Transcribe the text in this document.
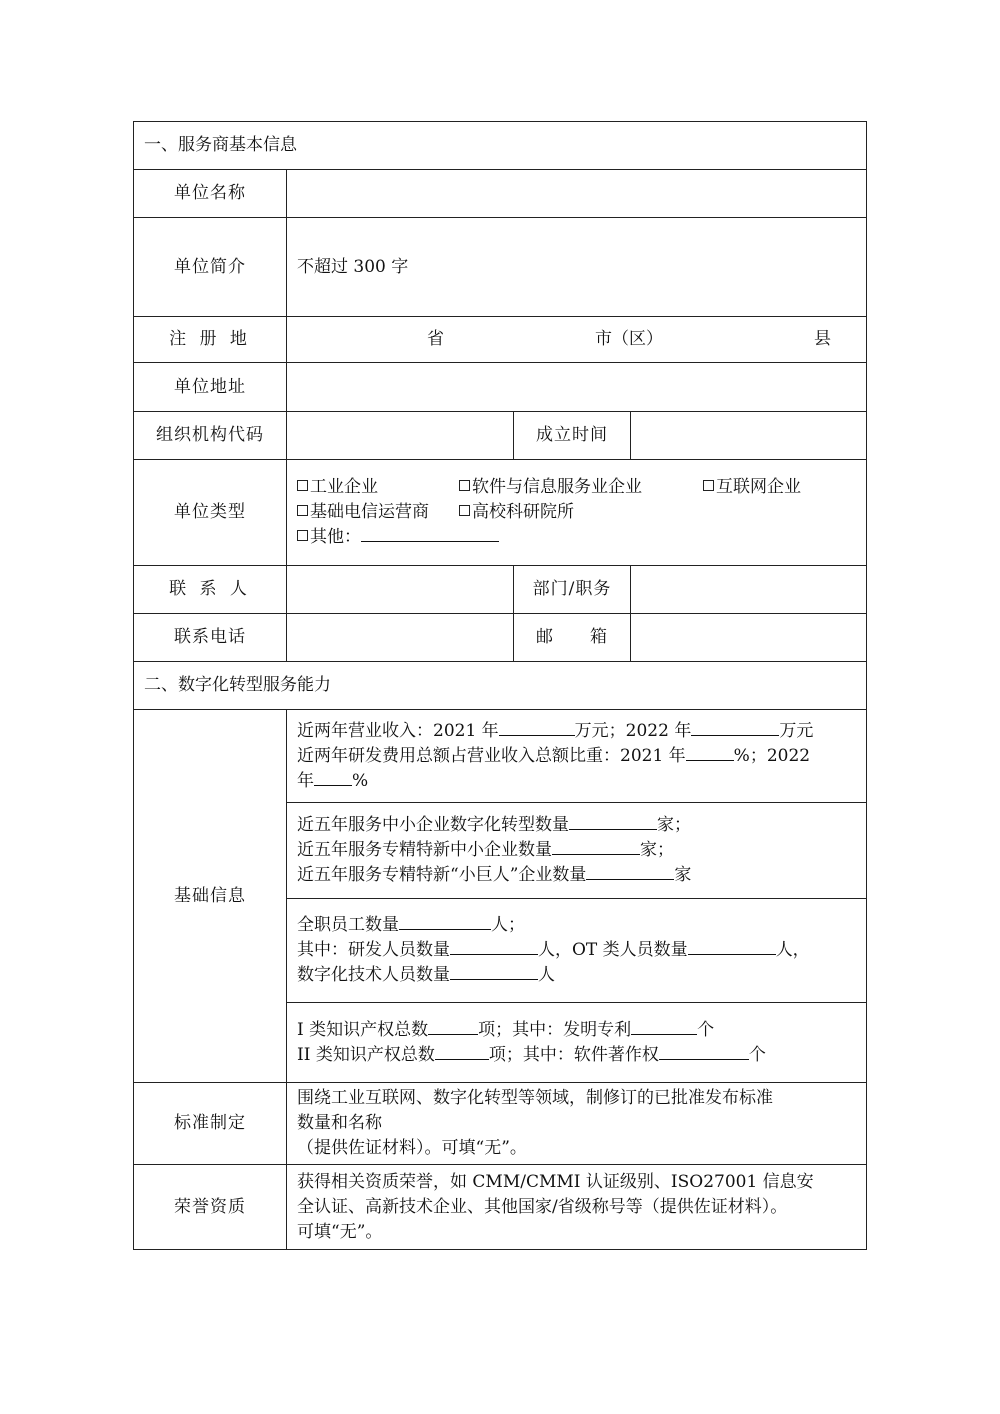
一、服务商基本信息			
单位名称			
单位简介	不超过 300 字		
注 册 地	省 市（区） 县		

单位地址			
组织机构代码		成立时间	
单位类型	工业企业 软件与信息服务业企业 互联网企业
基础电信运营商 高校科研院所
其他：		

联 系 人		部门/职务	
联系电话		邮　　箱	
二、数字化转型服务能力			
基础信息	近两年营业收入：2021 年 万元；2022 年 万元
近两年研发费用总额占营业收入总额比重：2021 年 %；2022
年 %		

	近五年服务中小企业数字化转型数量 家；
近五年服务专精特新中小企业数量 家；
近五年服务专精特新“小巨人”企业数量 家		

	全职员工数量 人；
其中：研发人员数量 人，OT 类人员数量 人，
数字化技术人员数量 人		

	I 类知识产权总数 项；其中：发明专利 个
II 类知识产权总数 项；其中：软件著作权 个		

标准制定	围绕工业互联网、数字化转型等领域，制修订的已批准发布标准
数量和名称
（提供佐证材料）。可填“无”。		

荣誉资质	获得相关资质荣誉，如 CMM/CMMI 认证级别、ISO27001 信息安
全认证、高新技术企业、其他国家/省级称号等（提供佐证材料）。
可填“无”。		
